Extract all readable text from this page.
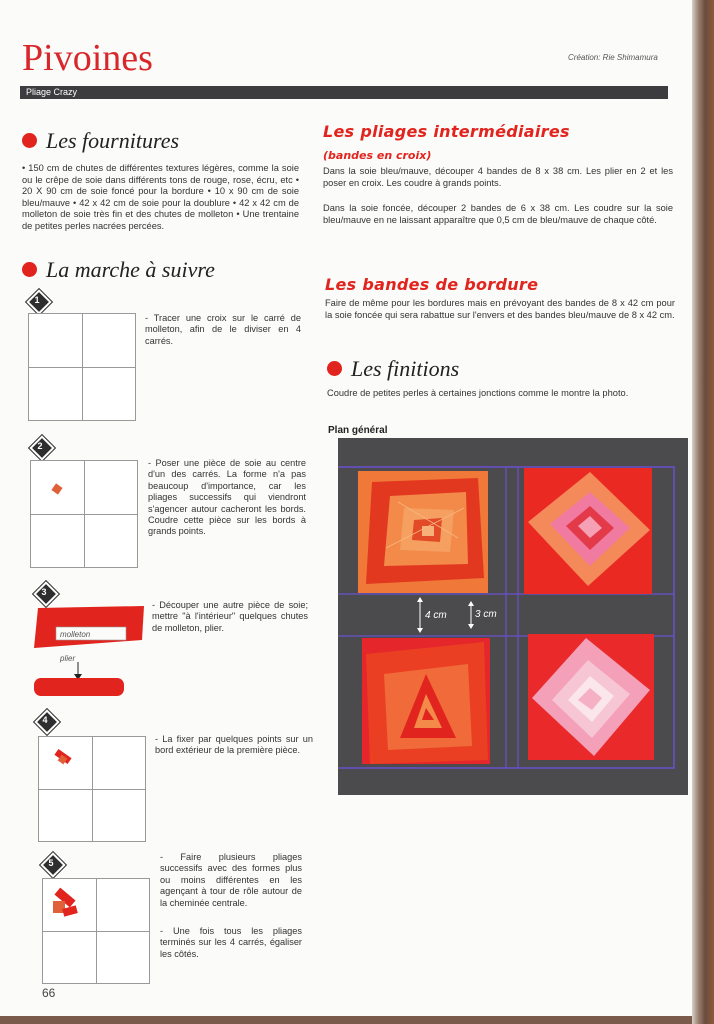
Pivoines	Création: Rie Shimamura
Pliage Crazy
Les fournitures
• 150 cm de chutes de différentes textures légères, comme la soie ou le crêpe de soie dans différents tons de rouge, rose, écru, etc • 20 X 90 cm de soie foncé pour la bordure • 10 x 90 cm de soie bleu/mauve • 42 x 42 cm de soie pour la doublure • 42 x 42 cm de molleton de soie très fin et des chutes de molleton • Une trentaine de petites perles nacrées percées.
La marche à suivre
1
- Tracer une croix sur le carré de molleton, afin de le diviser en 4 carrés.
2
- Poser une pièce de soie au centre d'un des carrés. La forme n'a pas beaucoup d'importance, car les pliages successifs qui viendront s'agencer autour cacheront les bords. Coudre cette pièce sur les bords à grands points.
3
molleton
plier
- Découper une autre pièce de soie; mettre "à l'intérieur" quelques chutes de molleton, plier.
4
- La fixer par quelques points sur un bord extérieur de la première pièce.
5
- Faire plusieurs pliages successifs avec des formes plus ou moins différentes en les agençant à tour de rôle autour de la cheminée centrale.
- Une fois tous les pliages terminés sur les 4 carrés, égaliser les côtés.
Les pliages intermédiaires
(bandes en croix)
Dans la soie bleu/mauve, découper 4 bandes de 8 x 38 cm. Les plier en 2 et les poser en croix. Les coudre à grands points.
Dans la soie foncée, découper 2 bandes de 6 x 38 cm. Les coudre sur la soie bleu/mauve en ne laissant apparaître que 0,5 cm de bleu/mauve de chaque côté.
Les bandes de bordure
Faire de même pour les bordures mais en prévoyant des bandes de 8 x 42 cm pour la soie foncée qui sera rabattue sur l'envers et des bandes bleu/mauve de 8 x 42 cm.
Les finitions
Coudre de petites perles à certaines jonctions comme le montre la photo.
Plan général
4 cm	3 cm
66
